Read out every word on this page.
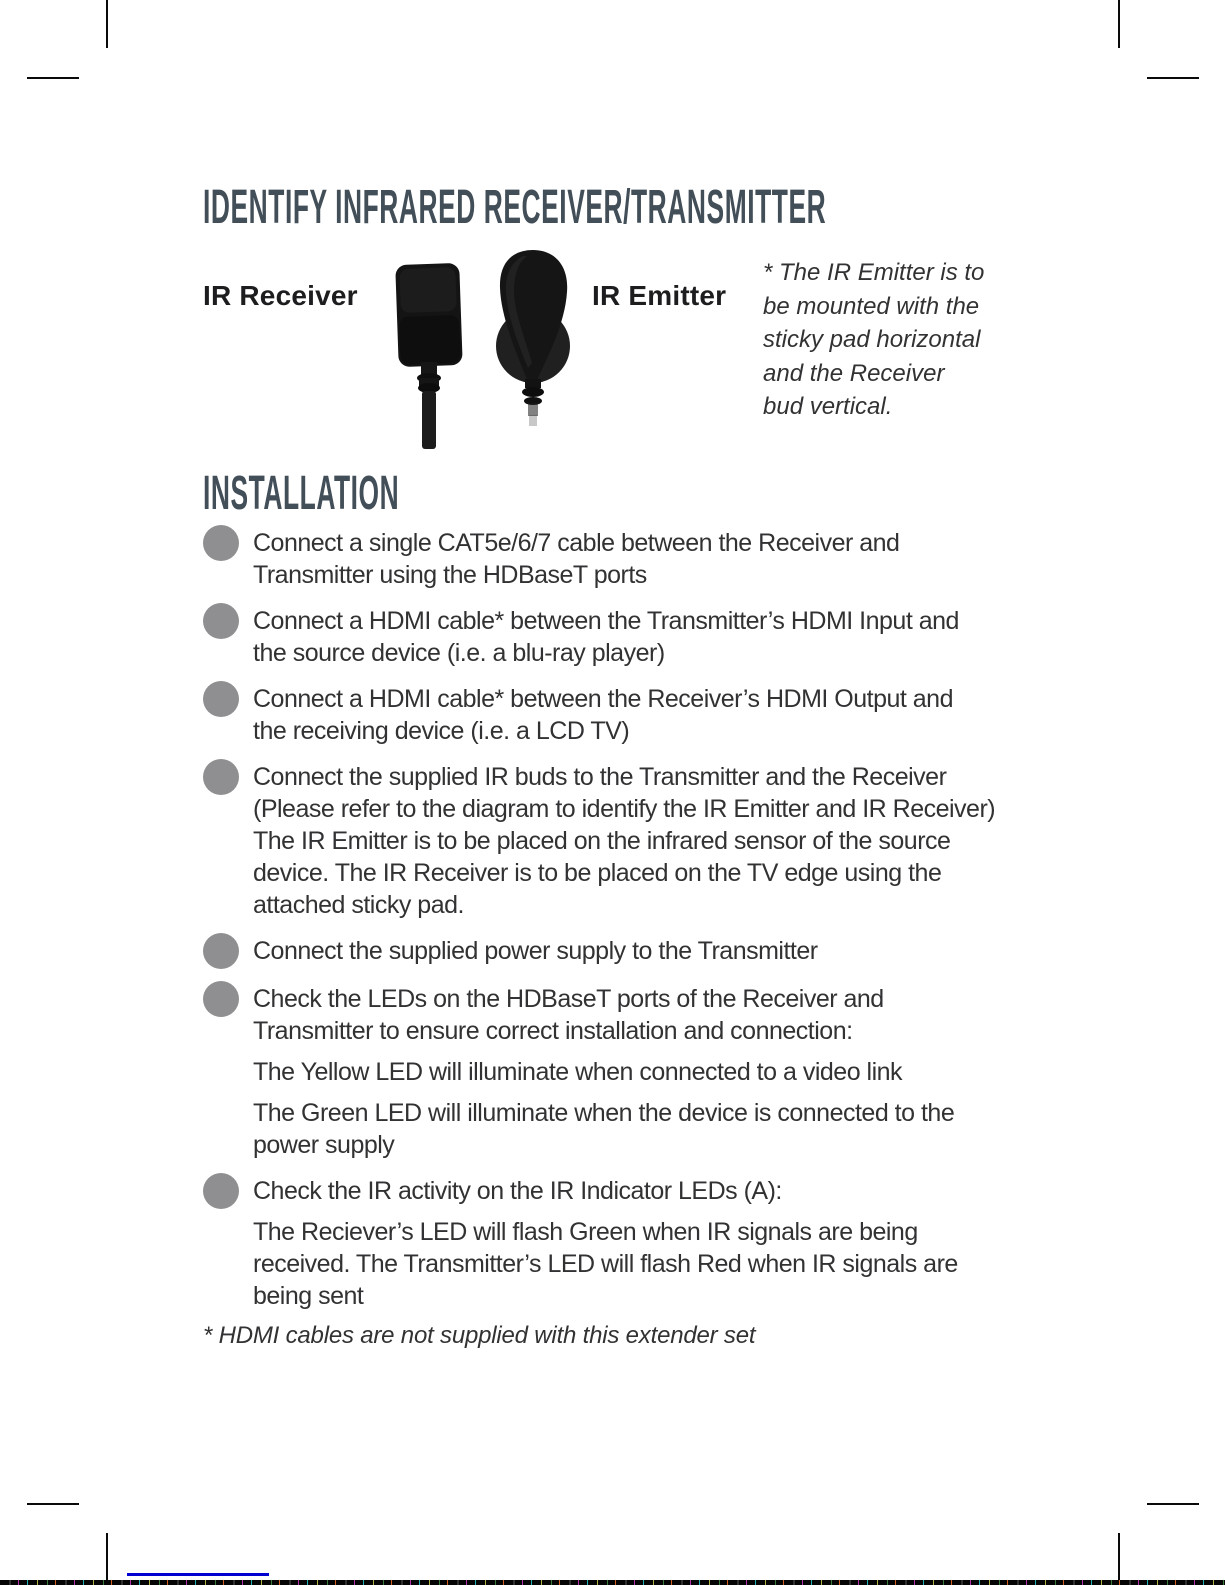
IDENTIFY INFRARED RECEIVER/TRANSMITTER
IR Receiver	IR Emitter
* The IR Emitter is to
be mounted with the
sticky pad horizontal
and the Receiver
bud vertical.
INSTALLATION
Connect a single CAT5e/6/7 cable between the Receiver and
Transmitter using the HDBaseT ports
Connect a HDMI cable* between the Transmitter’s HDMI Input and
the source device (i.e. a blu-ray player)
Connect a HDMI cable* between the Receiver’s HDMI Output and
the receiving device (i.e. a LCD TV)
Connect the supplied IR buds to the Transmitter and the Receiver
(Please refer to the diagram to identify the IR Emitter and IR Receiver)
The IR Emitter is to be placed on the infrared sensor of the source
device. The IR Receiver is to be placed on the TV edge using the
attached sticky pad.
Connect the supplied power supply to the Transmitter
Check the LEDs on the HDBaseT ports of the Receiver and
Transmitter to ensure correct installation and connection:
The Yellow LED will illuminate when connected to a video link
The Green LED will illuminate when the device is connected to the
power supply
Check the IR activity on the IR Indicator LEDs (A):
The Reciever’s LED will flash Green when IR signals are being
received. The Transmitter’s LED will flash Red when IR signals are
being sent
* HDMI cables are not supplied with this extender set
